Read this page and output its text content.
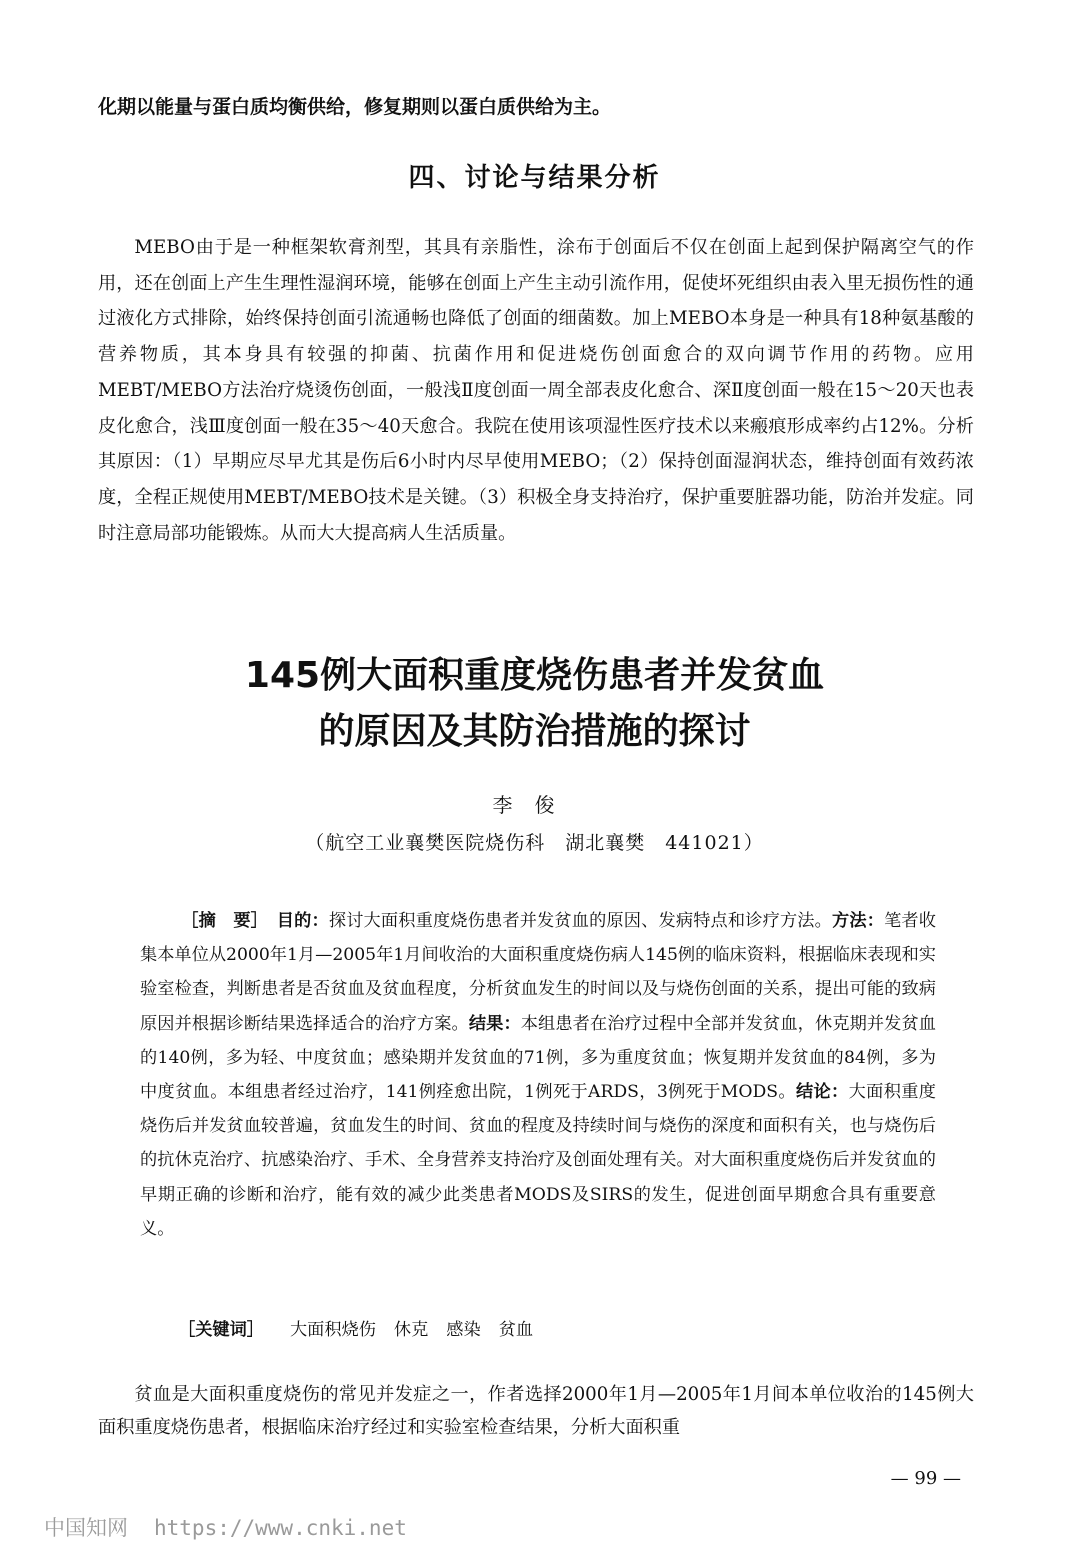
化期以能量与蛋白质均衡供给，修复期则以蛋白质供给为主。

四、讨论与结果分析

MEBO由于是一种框架软膏剂型，其具有亲脂性，涂布于创面后不仅在创面上起到保护隔离空气的作用，还在创面上产生生理性湿润环境，能够在创面上产生主动引流作用，促使坏死组织由表入里无损伤性的通过液化方式排除，始终保持创面引流通畅也降低了创面的细菌数。加上MEBO本身是一种具有18种氨基酸的营养物质，其本身具有较强的抑菌、抗菌作用和促进烧伤创面愈合的双向调节作用的药物。应用MEBT/MEBO方法治疗烧烫伤创面，一般浅Ⅱ度创面一周全部表皮化愈合、深Ⅱ度创面一般在15～20天也表皮化愈合，浅Ⅲ度创面一般在35～40天愈合。我院在使用该项湿性医疗技术以来瘢痕形成率约占12%。分析其原因：（1）早期应尽早尤其是伤后6小时内尽早使用MEBO；（2）保持创面湿润状态，维持创面有效药浓度，全程正规使用MEBT/MEBO技术是关键。（3）积极全身支持治疗，保护重要脏器功能，防治并发症。同时注意局部功能锻炼。从而大大提高病人生活质量。

145例大面积重度烧伤患者并发贫血
的原因及其防治措施的探讨
李俊
（航空工业襄樊医院烧伤科　湖北襄樊　441021）

［摘　要］　 目的：探讨大面积重度烧伤患者并发贫血的原因、发病特点和诊疗方法。方法：笔者收集本单位从2000年1月—2005年1月间收治的大面积重度烧伤病人145例的临床资料，根据临床表现和实验室检查，判断患者是否贫血及贫血程度，分析贫血发生的时间以及与烧伤创面的关系，提出可能的致病原因并根据诊断结果选择适合的治疗方案。结果：本组患者在治疗过程中全部并发贫血，休克期并发贫血的140例，多为轻、中度贫血；感染期并发贫血的71例，多为重度贫血；恢复期并发贫血的84例，多为中度贫血。本组患者经过治疗，141例痊愈出院，1例死于ARDS，3例死于MODS。结论：大面积重度烧伤后并发贫血较普遍，贫血发生的时间、贫血的程度及持续时间与烧伤的深度和面积有关，也与烧伤后的抗休克治疗、抗感染治疗、手术、全身营养支持治疗及创面处理有关。对大面积重度烧伤后并发贫血的早期正确的诊断和治疗，能有效的减少此类患者MODS及SIRS的发生，促进创面早期愈合具有重要意义。

［关键词］ 大面积烧伤 休克 感染 贫血

贫血是大面积重度烧伤的常见并发症之一，作者选择2000年1月—2005年1月间本单位收治的145例大面积重度烧伤患者，根据临床治疗经过和实验室检查结果，分析大面积重

— 99 —
中国知网 https://www.cnki.net
